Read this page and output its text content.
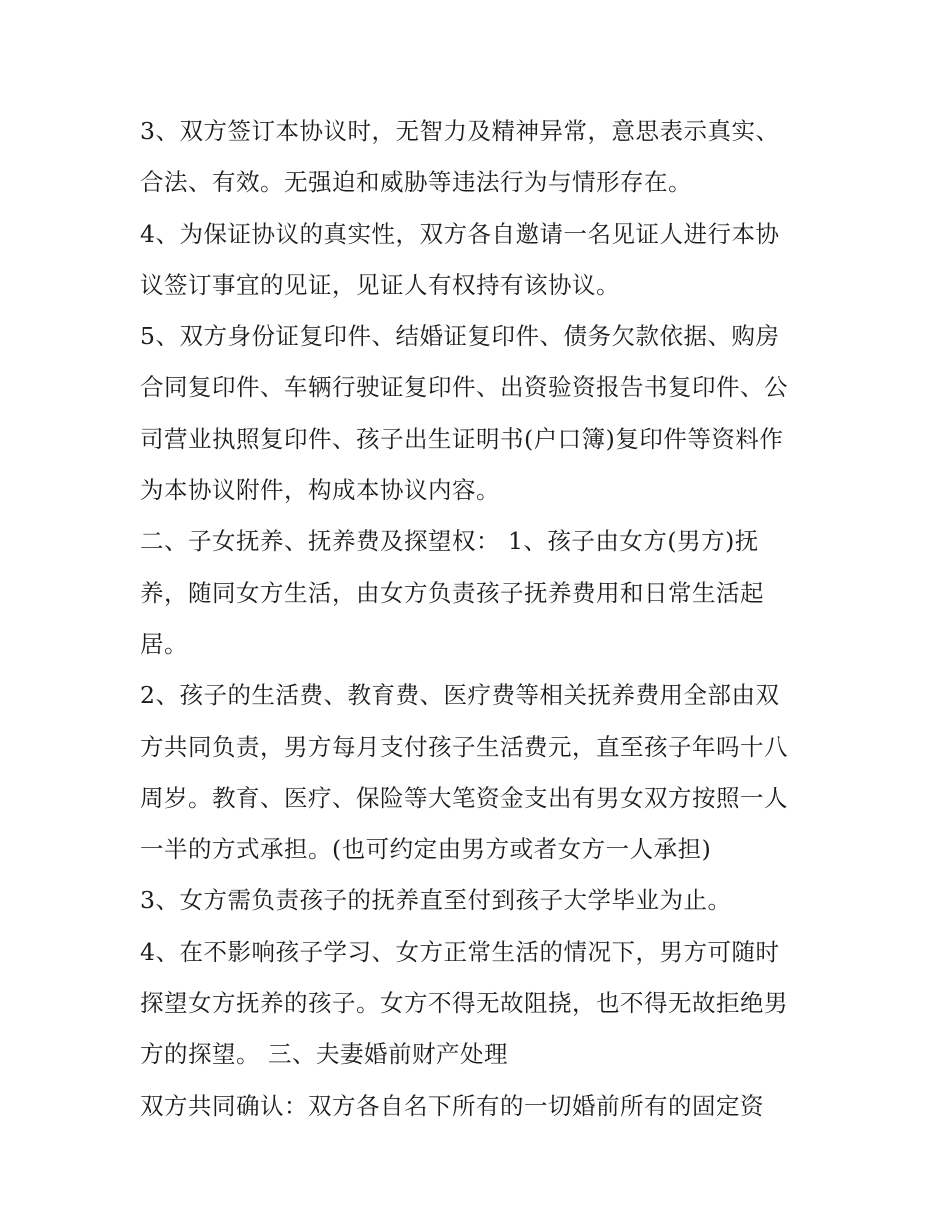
3、双方签订本协议时，无智力及精神异常，意思表示真实、
合法、有效。无强迫和威胁等违法行为与情形存在。
4、为保证协议的真实性，双方各自邀请一名见证人进行本协
议签订事宜的见证，见证人有权持有该协议。
5、双方身份证复印件、结婚证复印件、债务欠款依据、购房
合同复印件、车辆行驶证复印件、出资验资报告书复印件、公
司营业执照复印件、孩子出生证明书(户口簿)复印件等资料作
为本协议附件，构成本协议内容。
二、子女抚养、抚养费及探望权： 1、孩子由女方(男方)抚
养，随同女方生活，由女方负责孩子抚养费用和日常生活起
居。
2、孩子的生活费、教育费、医疗费等相关抚养费用全部由双
方共同负责，男方每月支付孩子生活费元，直至孩子年吗十八
周岁。教育、医疗、保险等大笔资金支出有男女双方按照一人
一半的方式承担。(也可约定由男方或者女方一人承担)
3、女方需负责孩子的抚养直至付到孩子大学毕业为止。
4、在不影响孩子学习、女方正常生活的情况下，男方可随时
探望女方抚养的孩子。女方不得无故阻挠，也不得无故拒绝男
方的探望。 三、夫妻婚前财产处理
双方共同确认：双方各自名下所有的一切婚前所有的固定资
